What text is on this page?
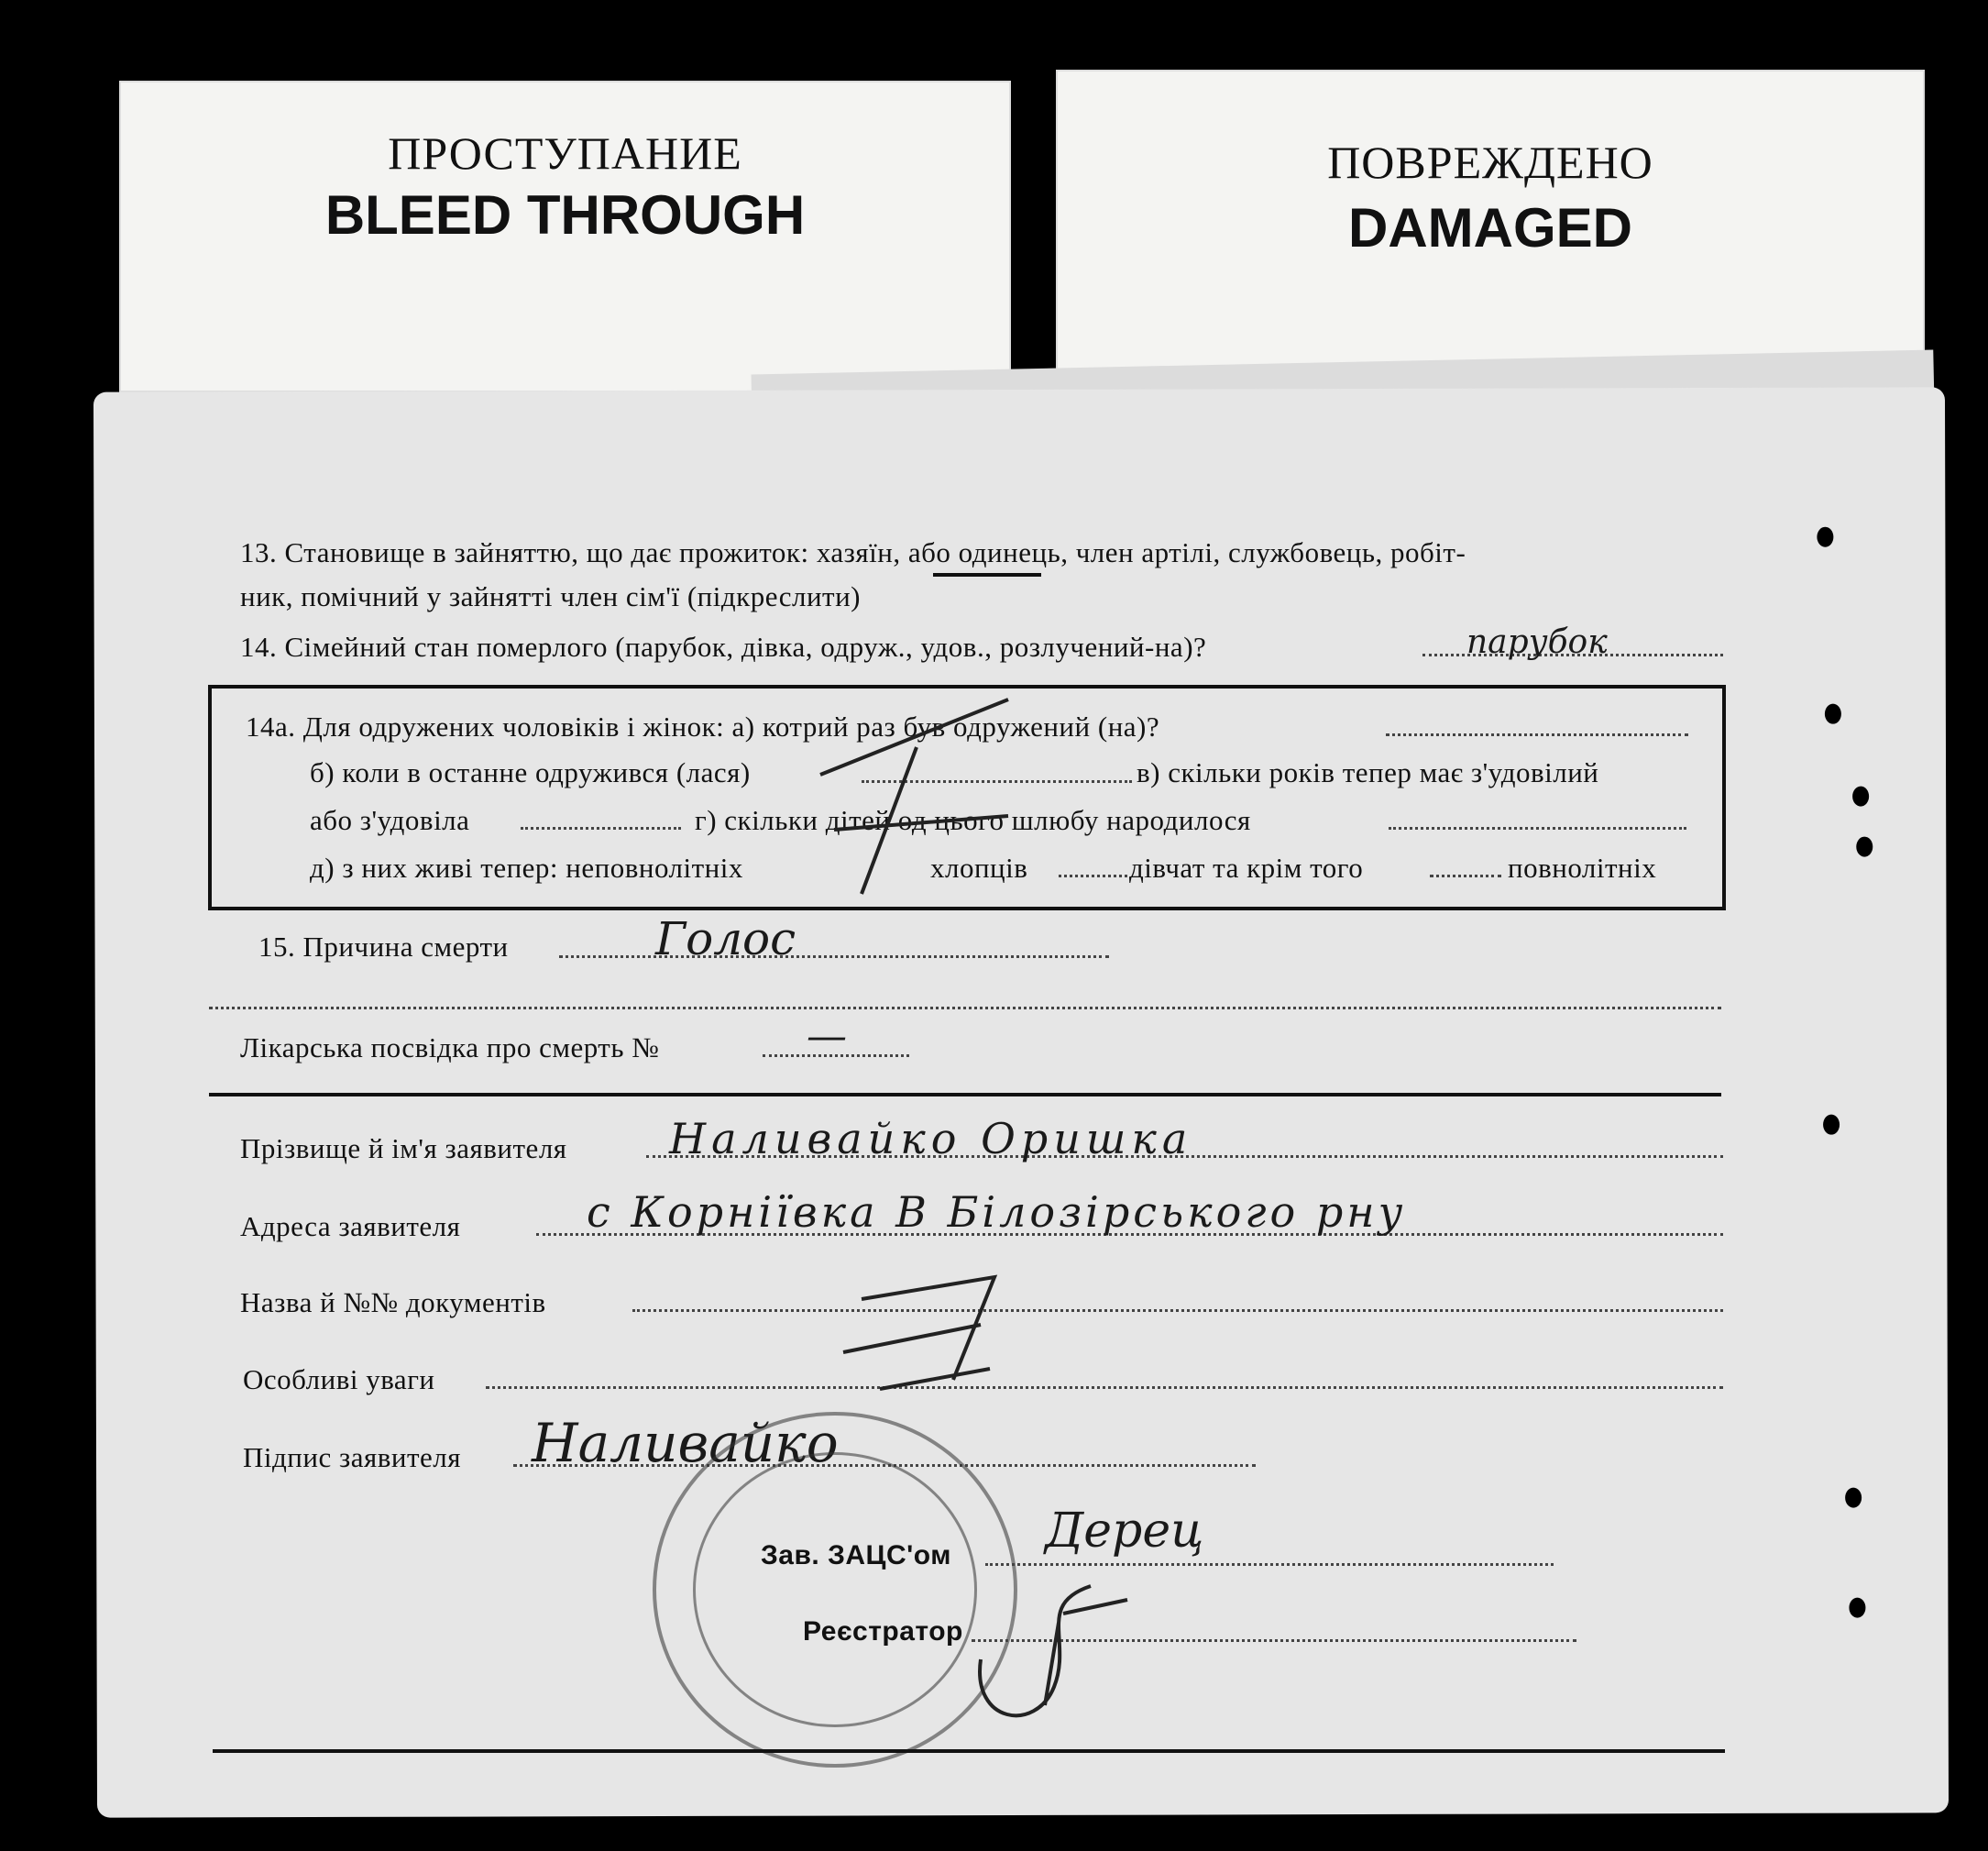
ПРОСТУПАНИЕ
BLEED THROUGH
ПОВРЕЖДЕНО
DAMAGED
13. Становище в зайняттю, що дає прожиток: хазяїн, або одинець, член артілі, службовець, робіт-
ник, помічний у зайнятті член сім'ї (підкреслити)
14. Сімейний стан померлого (парубок, дівка, одруж., удов., розлучений-на)?	парубок
14а. Для одружених чоловіків і жінок: а) котрий раз був одружений (на)?
б) коли в останне одружився (лася)	в) скільки років тепер має з'удовілий
або з'удовіла	г) скільки дітей од цього шлюбу народилося
д) з них живі тепер: неповнолітніх	хлопців	дівчат та крім того	повнолітніх
15. Причина смерти	Голос
Лікарська посвідка про смерть №	—
Прізвище й ім'я заявителя Наливайко Оришка
Адреса заявителя	с Корніївка В Білозірського рну
Назва й №№ документів
Особливі уваги
Підпис заявителя Наливайко
Зав. ЗАЦС'ом Дерец
Реєстратор
